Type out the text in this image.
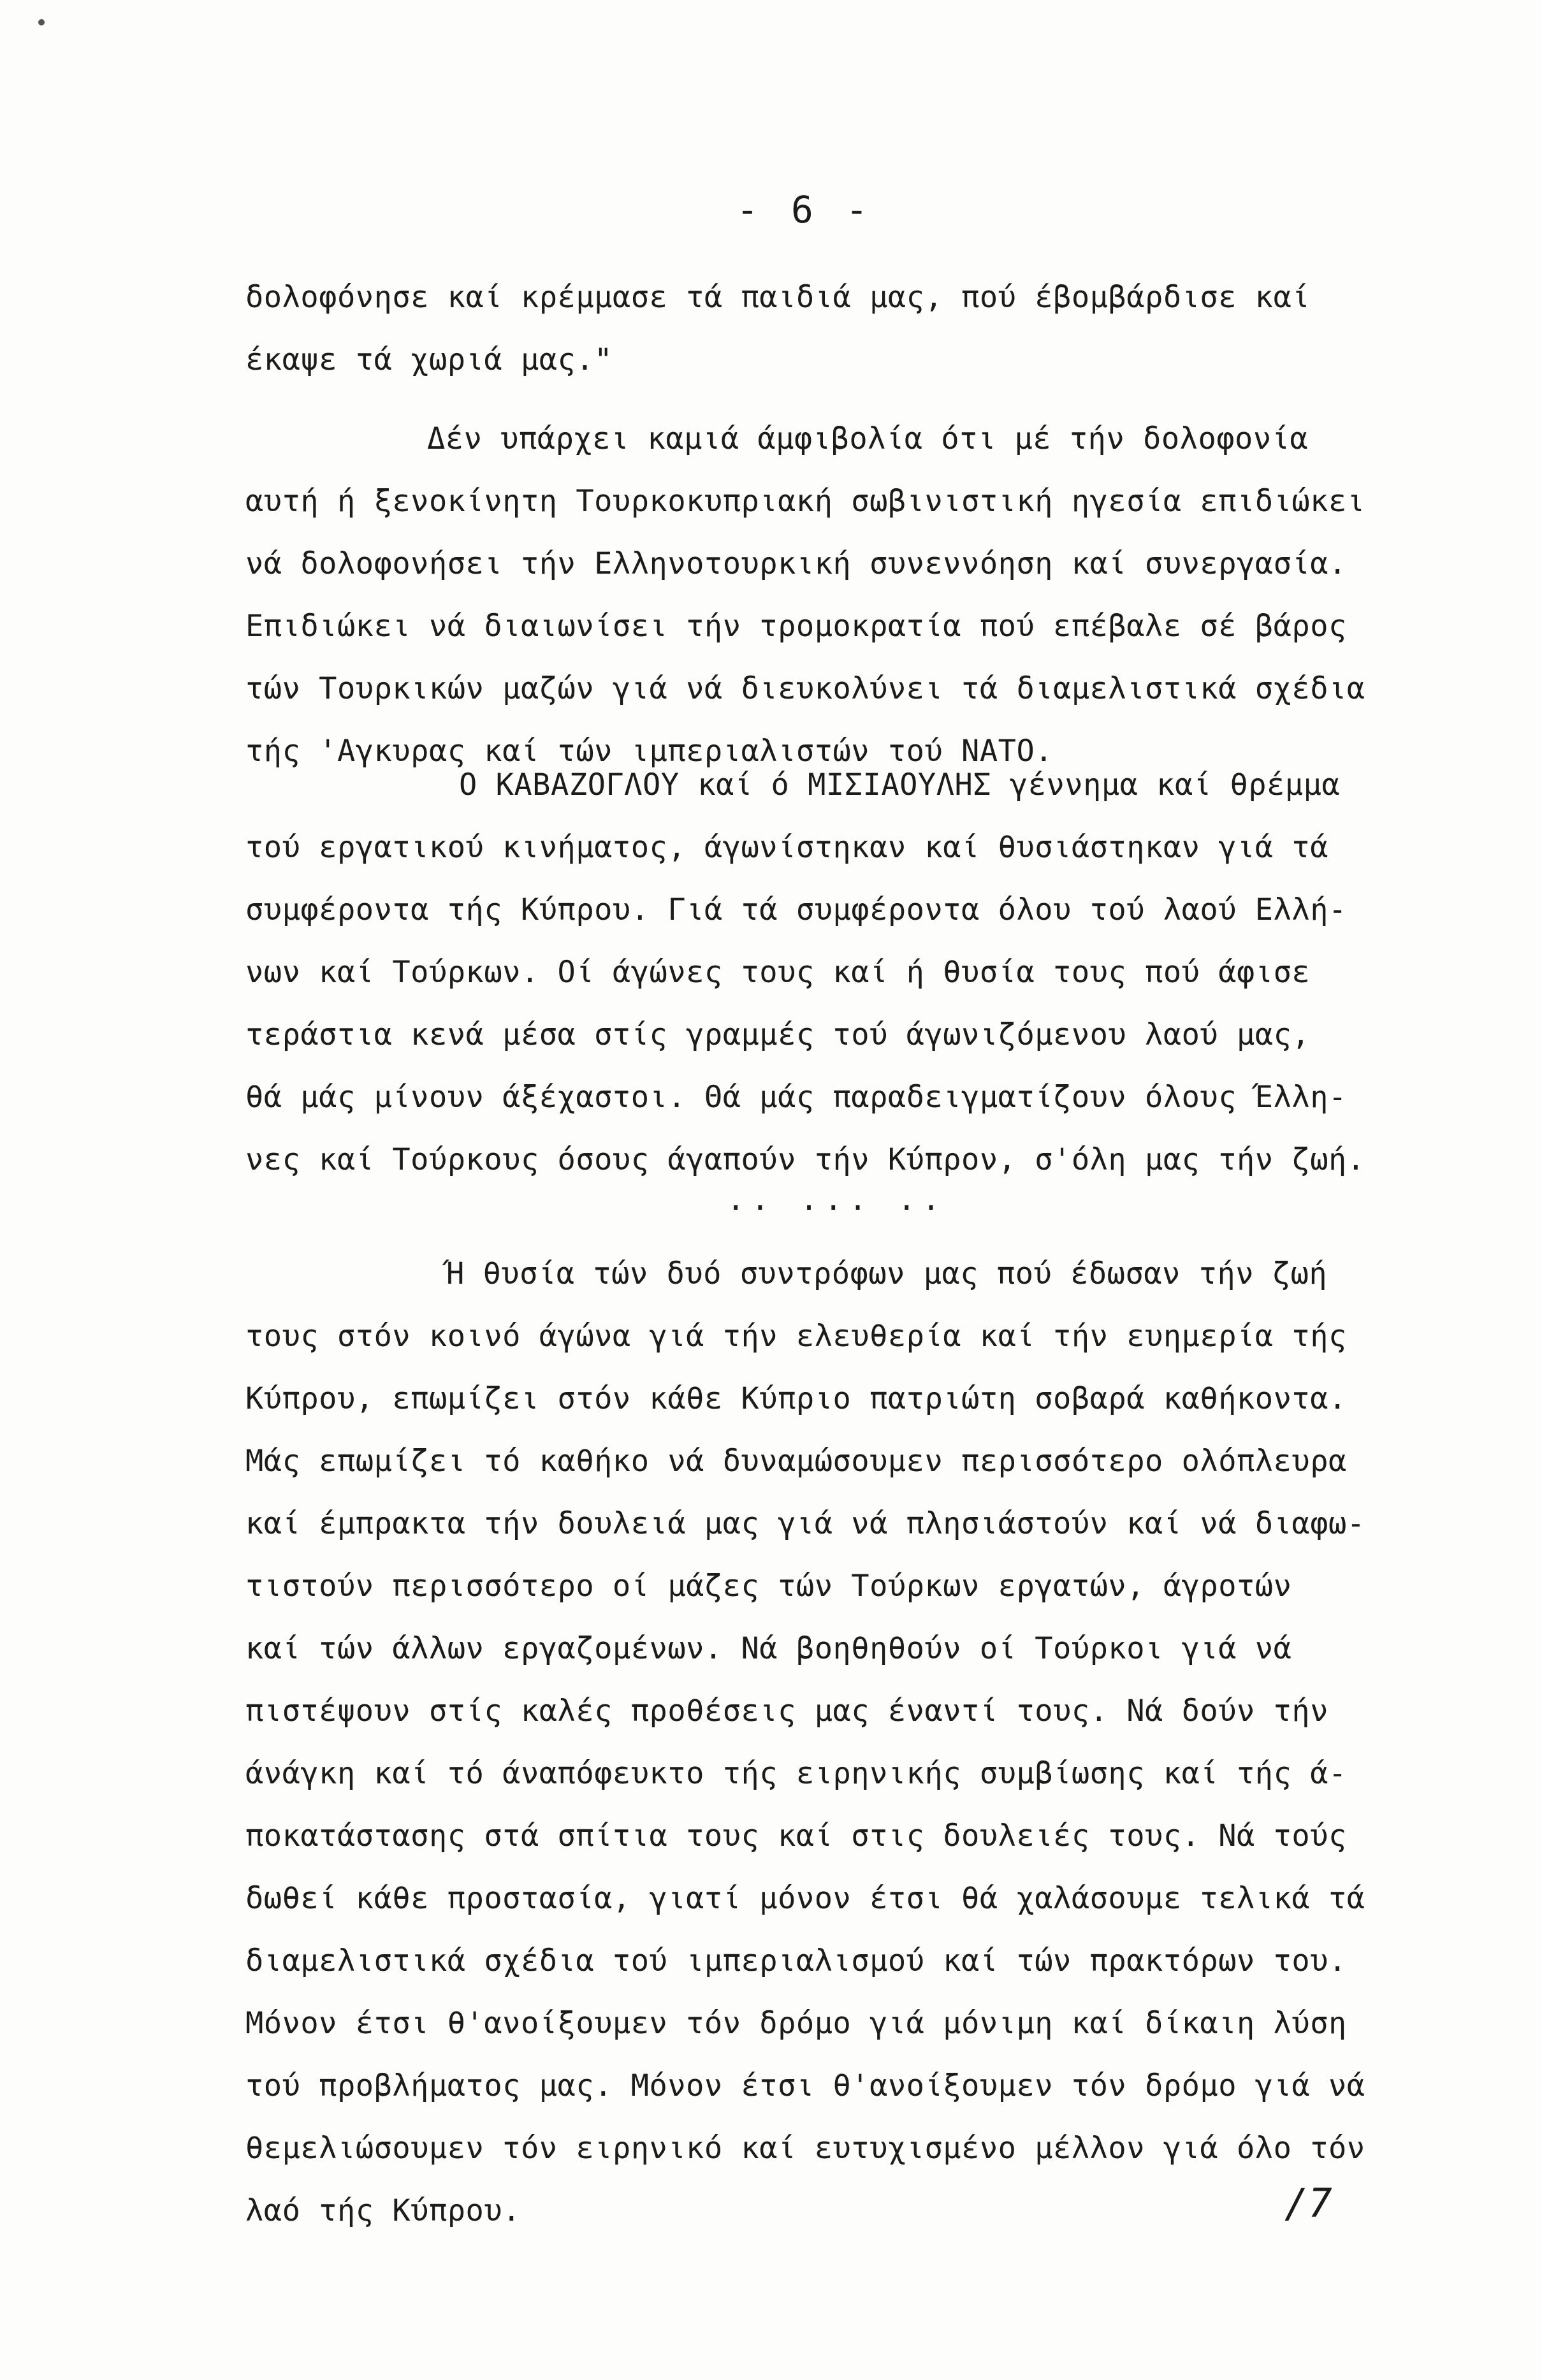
- 6 -
δολοφόνησε καί κρέμμασε τά παιδιά μας, πού έβομβάρδισε καί
έκαψε τά χωριά μας."
Δέν υπάρχει καμιά άμφιβολία ότι μέ τήν δολοφονία
αυτή ή ξενοκίνητη Τουρκοκυπριακή σωβινιστική ηγεσία επιδιώκει
νά δολοφονήσει τήν Ελληνοτουρκική συνεννόηση καί συνεργασία.
Επιδιώκει νά διαιωνίσει τήν τρομοκρατία πού επέβαλε σέ βάρος
τών Τουρκικών μαζών γιά νά διευκολύνει τά διαμελιστικά σχέδια
τής 'Αγκυρας καί τών ιμπεριαλιστών τού ΝΑΤΟ.
Ο ΚΑΒΑΖΟΓΛΟΥ καί ό ΜΙΣΙΑΟΥΛΗΣ γέννημα καί θρέμμα
τού εργατικού κινήματος, άγωνίστηκαν καί θυσιάστηκαν γιά τά
συμφέροντα τής Κύπρου. Γιά τά συμφέροντα όλου τού λαού Ελλή-
νων καί Τούρκων. Οί άγώνες τους καί ή θυσία τους πού άφισε
τεράστια κενά μέσα στίς γραμμές τού άγωνιζόμενου λαού μας,
θά μάς μίνουν άξέχαστοι. Θά μάς παραδειγματίζουν όλους Έλλη-
νες καί Τούρκους όσους άγαπούν τήν Κύπρον, σ'όλη μας τήν ζωή.
.. ... ..
Ή θυσία τών δυό συντρόφων μας πού έδωσαν τήν ζωή
τους στόν κοινό άγώνα γιά τήν ελευθερία καί τήν ευημερία τής
Κύπρου, επωμίζει στόν κάθε Κύπριο πατριώτη σοβαρά καθήκοντα.
Μάς επωμίζει τό καθήκο νά δυναμώσουμεν περισσότερο ολόπλευρα
καί έμπρακτα τήν δουλειά μας γιά νά πλησιάστούν καί νά διαφω-
τιστούν περισσότερο οί μάζες τών Τούρκων εργατών, άγροτών
καί τών άλλων εργαζομένων. Νά βοηθηθούν οί Τούρκοι γιά νά
πιστέψουν στίς καλές προθέσεις μας έναντί τους. Νά δούν τήν
άνάγκη καί τό άναπόφευκτο τής ειρηνικής συμβίωσης καί τής ά-
ποκατάστασης στά σπίτια τους καί στις δουλειές τους. Νά τούς
δωθεί κάθε προστασία, γιατί μόνον έτσι θά χαλάσουμε τελικά τά
διαμελιστικά σχέδια τού ιμπεριαλισμού καί τών πρακτόρων του.
Μόνον έτσι θ'ανοίξουμεν τόν δρόμο γιά μόνιμη καί δίκαιη λύση
τού προβλήματος μας. Μόνον έτσι θ'ανοίξουμεν τόν δρόμο γιά νά
θεμελιώσουμεν τόν ειρηνικό καί ευτυχισμένο μέλλον γιά όλο τόν
λαό τής Κύπρου.	/7
